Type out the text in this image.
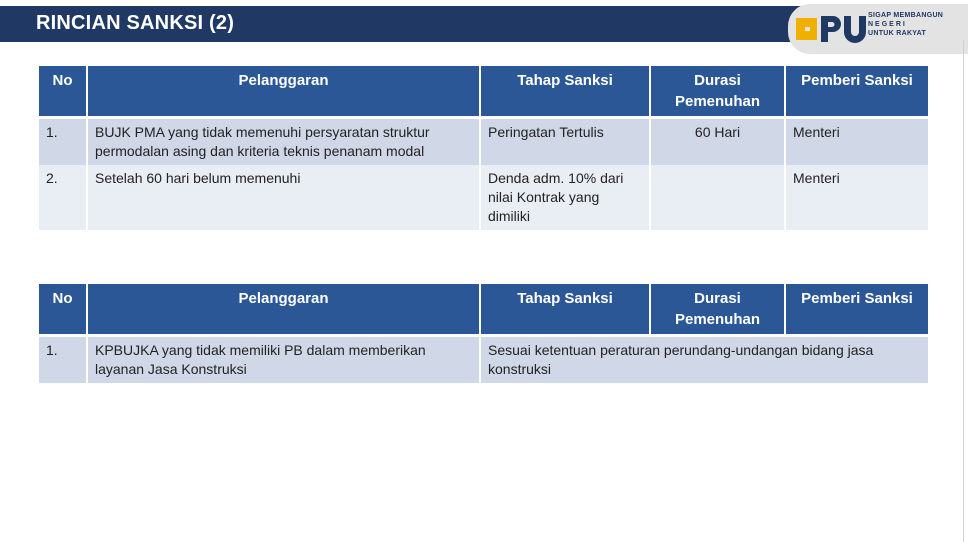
RINCIAN SANKSI (2)	SIGAP MEMBANGUN
NEGERI
UNTUK RAKYAT
No	Pelanggaran	Tahap Sanksi	Durasi Pemenuhan	Pemberi Sanksi
1.	BUJK PMA yang tidak memenuhi persyaratan struktur permodalan asing dan kriteria teknis penanam modal	Peringatan Tertulis	60 Hari	Menteri
2.	Setelah 60 hari belum memenuhi	Denda adm. 10% dari nilai Kontrak yang dimiliki		Menteri
No	Pelanggaran	Tahap Sanksi	Durasi Pemenuhan	Pemberi Sanksi
1.	KPBUJKA yang tidak memiliki PB dalam memberikan layanan Jasa Konstruksi	Sesuai ketentuan peraturan perundang-undangan bidang jasa konstruksi		
